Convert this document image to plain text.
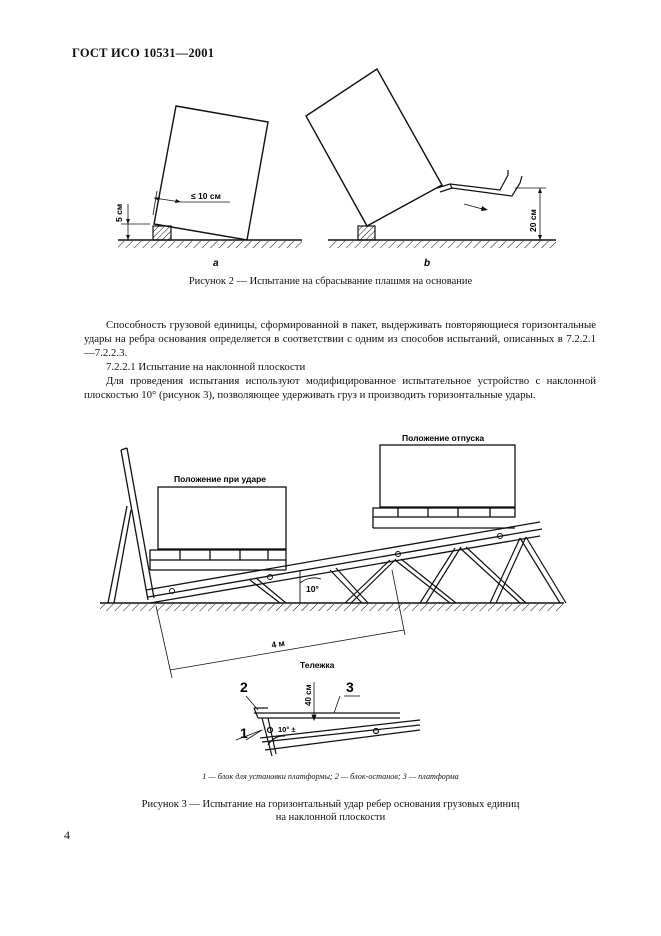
ГОСТ ИСО 10531—2001
5 см
≤ 10 см
a
20 см
b
Рисунок 2 — Испытание на сбрасывание плашмя на основание

Способность грузовой единицы, сформированной в пакет, выдерживать повторяющиеся горизонтальные удары на ребра основания определяется в соответствии с одним из способов испытаний, описанных в 7.2.2.1—7.2.2.3.

7.2.2.1 Испытание на наклонной плоскости

Для проведения испытания используют модифицированное испытательное устройство с наклонной плоскостью 10° (рисунок 3), позволяющее удерживать груз и производить горизонтальные удары.

10°
Положение при ударе
Положение отпуска
4 м
Тележка
40 см
10° ±
1
2	3
1 — блок для установки платформы; 2 — блок-останов; 3 — платформа
Рисунок 3 — Испытание на горизонтальный удар ребер основания грузовых единиц
на наклонной плоскости
4
